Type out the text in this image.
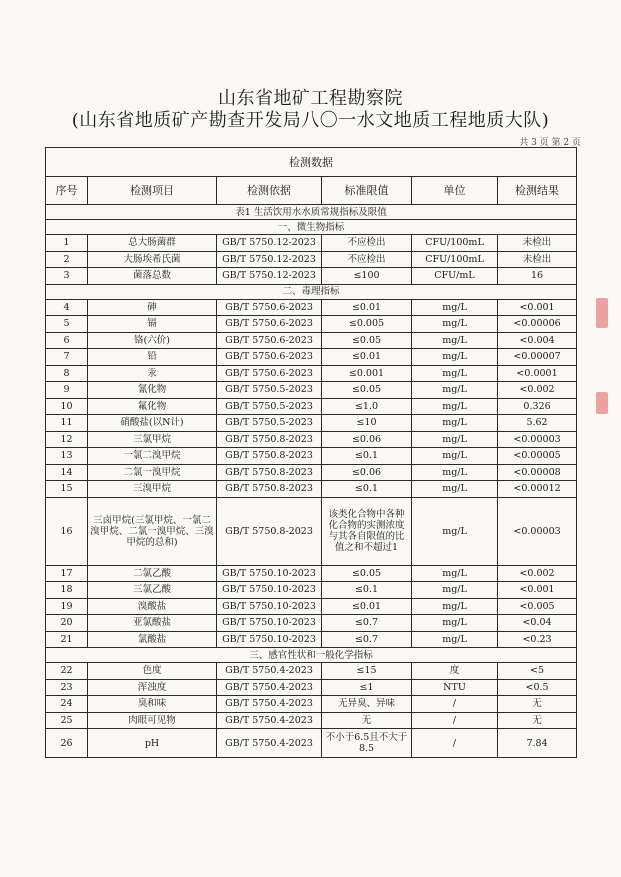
山东省地矿工程勘察院
(山东省地质矿产勘查开发局八〇一水文地质工程地质大队)
共 3 页 第 2 页
检测数据					
序号	检测项目	检测依据	标准限值	单位	检测结果
表1 生活饮用水水质常规指标及限值					
一、微生物指标					
1	总大肠菌群	GB/T 5750.12-2023	不应检出	CFU/100mL	未检出
2	大肠埃希氏菌	GB/T 5750.12-2023	不应检出	CFU/100mL	未检出
3	菌落总数	GB/T 5750.12-2023	≤100	CFU/mL	16
二、毒理指标					
4	砷	GB/T 5750.6-2023	≤0.01	mg/L	<0.001
5	镉	GB/T 5750.6-2023	≤0.005	mg/L	<0.00006
6	铬(六价)	GB/T 5750.6-2023	≤0.05	mg/L	<0.004
7	铅	GB/T 5750.6-2023	≤0.01	mg/L	<0.00007
8	汞	GB/T 5750.6-2023	≤0.001	mg/L	<0.0001
9	氰化物	GB/T 5750.5-2023	≤0.05	mg/L	<0.002
10	氟化物	GB/T 5750.5-2023	≤1.0	mg/L	0.326
11	硝酸盐(以N计)	GB/T 5750.5-2023	≤10	mg/L	5.62
12	三氯甲烷	GB/T 5750.8-2023	≤0.06	mg/L	<0.00003
13	一氯二溴甲烷	GB/T 5750.8-2023	≤0.1	mg/L	<0.00005
14	二氯一溴甲烷	GB/T 5750.8-2023	≤0.06	mg/L	<0.00008
15	三溴甲烷	GB/T 5750.8-2023	≤0.1	mg/L	<0.00012
16	三卤甲烷(三氯甲烷、一氯二溴甲烷、二氯一溴甲烷、三溴甲烷的总和)	GB/T 5750.8-2023	该类化合物中各种化合物的实测浓度与其各自限值的比值之和不超过1	mg/L	<0.00003
17	二氯乙酸	GB/T 5750.10-2023	≤0.05	mg/L	<0.002
18	三氯乙酸	GB/T 5750.10-2023	≤0.1	mg/L	<0.001
19	溴酸盐	GB/T 5750.10-2023	≤0.01	mg/L	<0.005
20	亚氯酸盐	GB/T 5750.10-2023	≤0.7	mg/L	<0.04
21	氯酸盐	GB/T 5750.10-2023	≤0.7	mg/L	<0.23
三、感官性状和一般化学指标					
22	色度	GB/T 5750.4-2023	≤15	度	<5
23	浑浊度	GB/T 5750.4-2023	≤1	NTU	<0.5
24	臭和味	GB/T 5750.4-2023	无异臭、异味	/	无
25	肉眼可见物	GB/T 5750.4-2023	无	/	无
26	pH	GB/T 5750.4-2023	不小于6.5且不大于8.5	/	7.84
